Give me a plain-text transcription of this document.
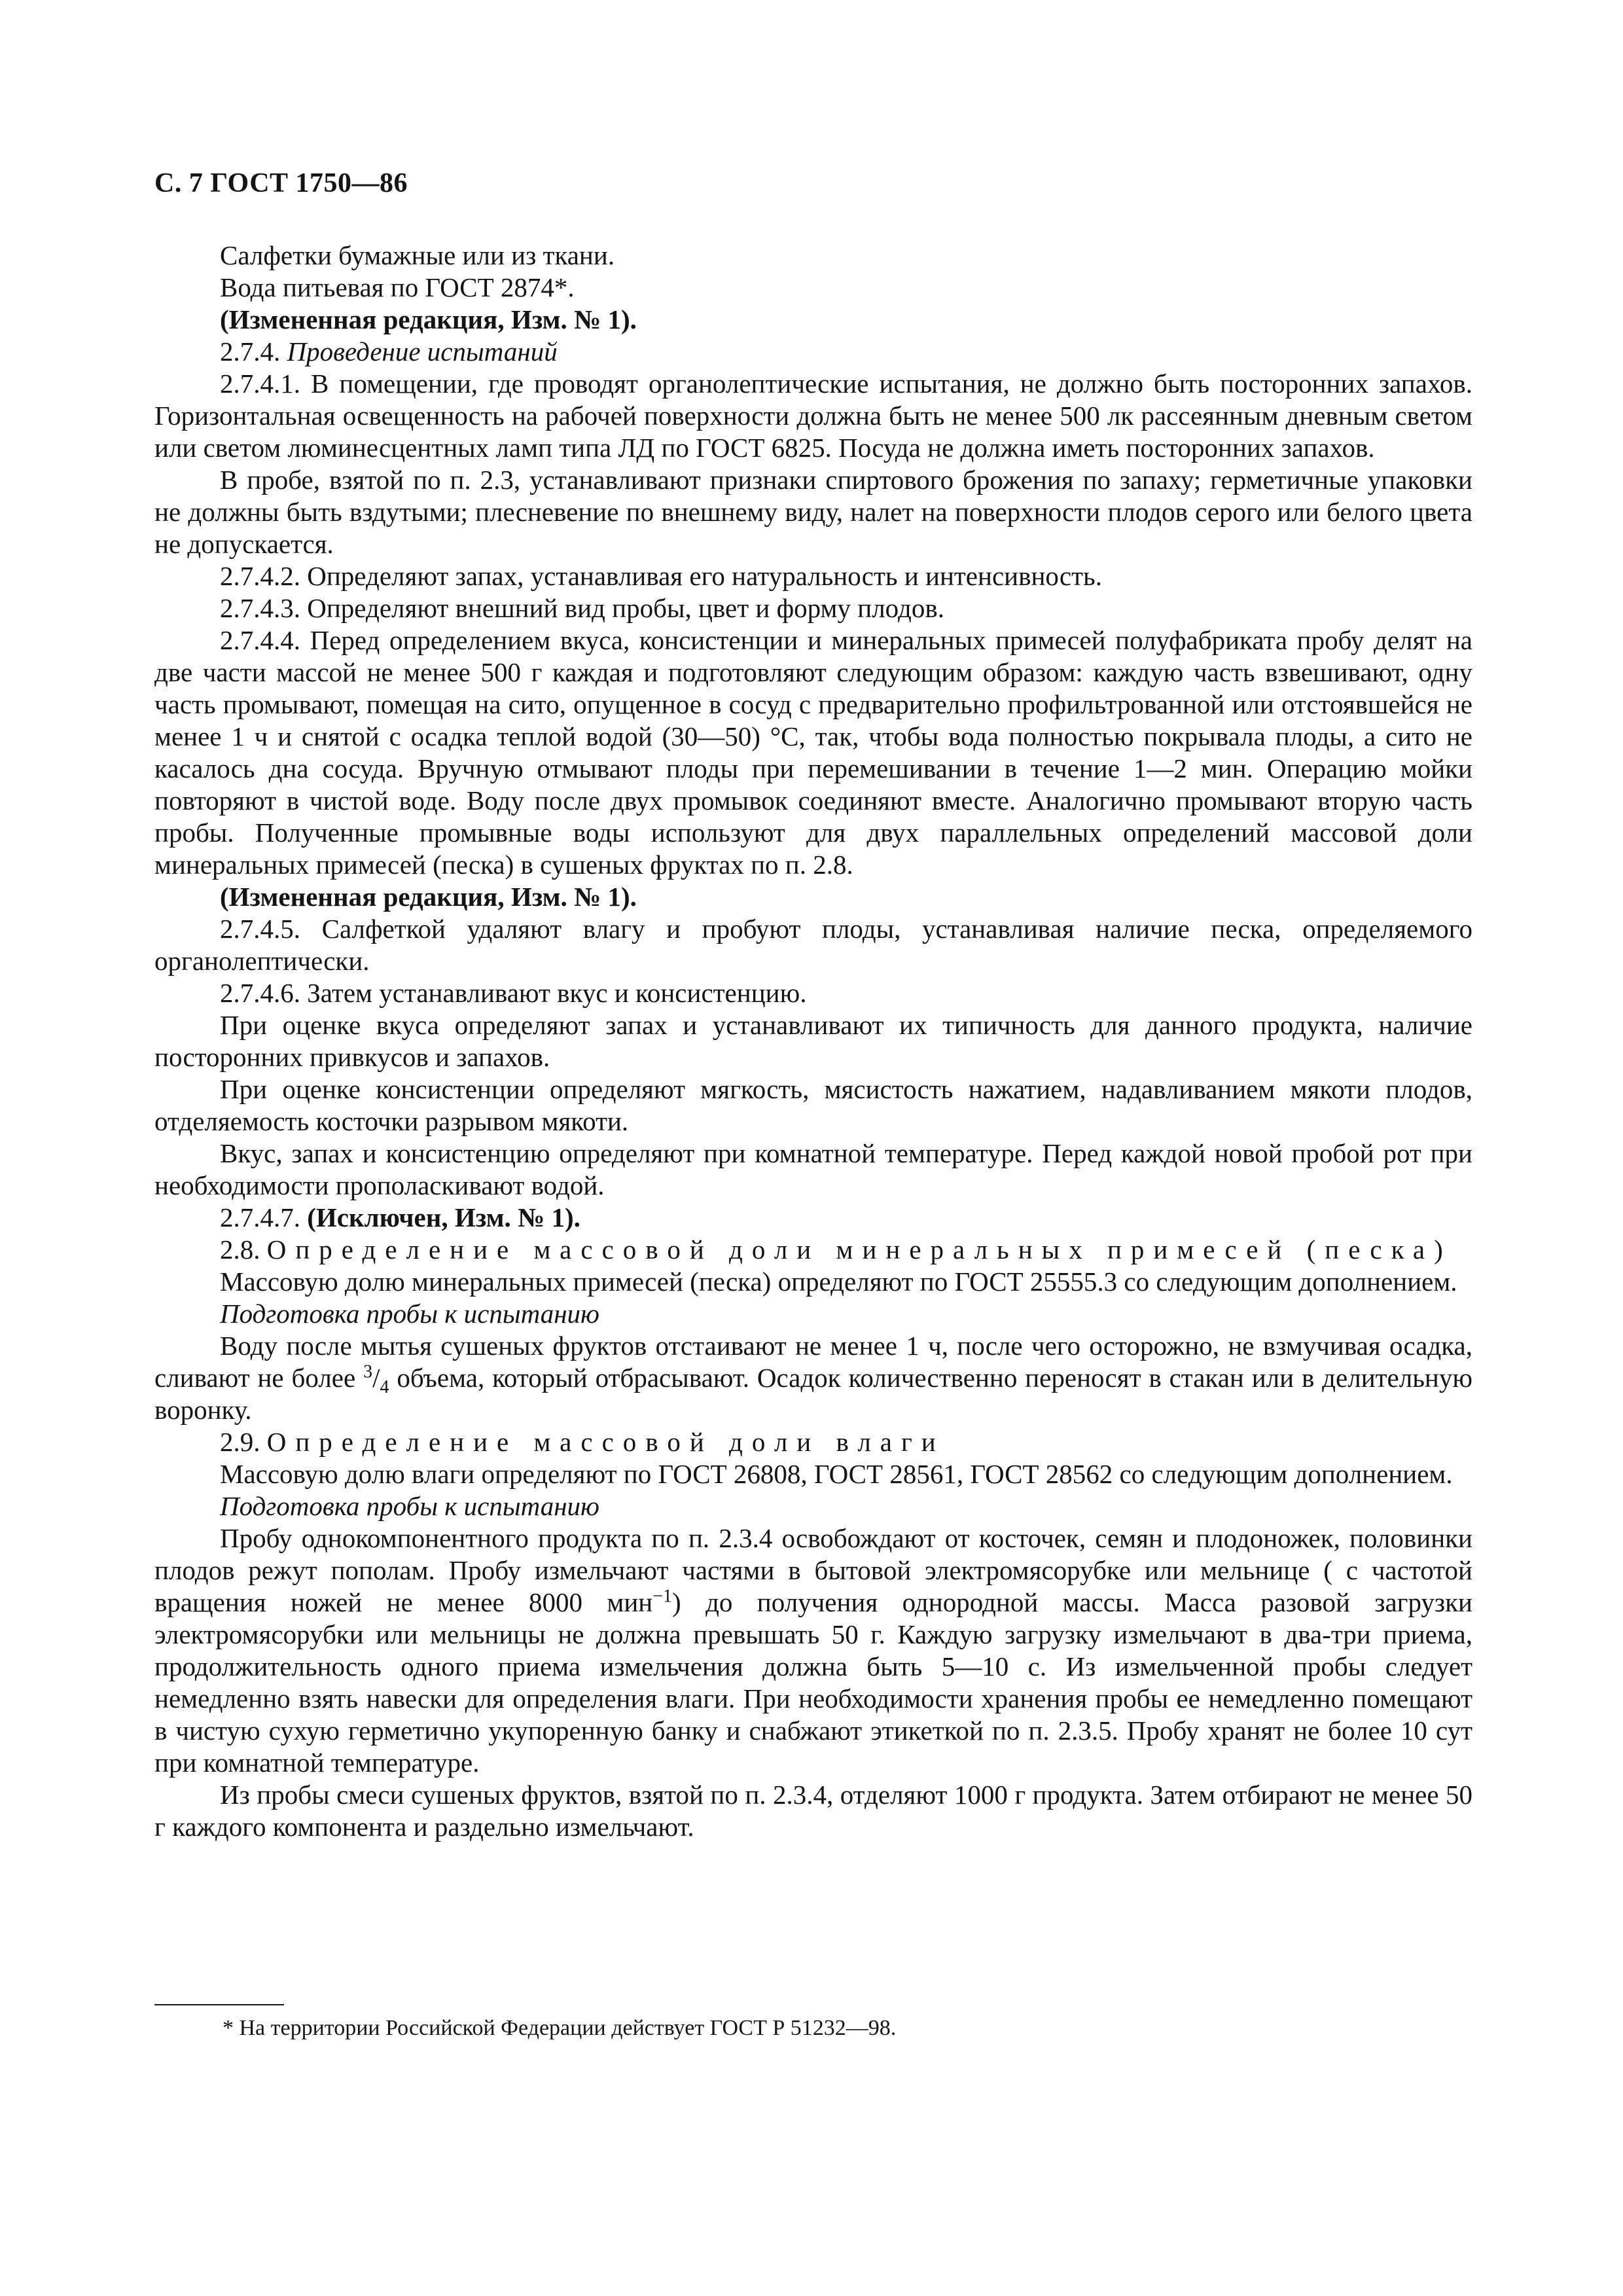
С. 7 ГОСТ 1750—86

Салфетки бумажные или из ткани.

Вода питьевая по ГОСТ 2874*.

(Измененная редакция, Изм. № 1).

2.7.4. Проведение испытаний

2.7.4.1. В помещении, где проводят органолептические испытания, не должно быть посторонних запахов. Горизонтальная освещенность на рабочей поверхности должна быть не менее 500 лк рассеянным дневным светом или светом люминесцентных ламп типа ЛД по ГОСТ 6825. Посуда не должна иметь посторонних запахов.

В пробе, взятой по п. 2.3, устанавливают признаки спиртового брожения по запаху; герметичные упаковки не должны быть вздутыми; плесневение по внешнему виду, налет на поверхности плодов серого или белого цвета не допускается.

2.7.4.2. Определяют запах, устанавливая его натуральность и интенсивность.

2.7.4.3. Определяют внешний вид пробы, цвет и форму плодов.

2.7.4.4. Перед определением вкуса, консистенции и минеральных примесей полуфабриката пробу делят на две части массой не менее 500 г каждая и подготовляют следующим образом: каждую часть взвешивают, одну часть промывают, помещая на сито, опущенное в сосуд с предварительно профильтрованной или отстоявшейся не менее 1 ч и снятой с осадка теплой водой (30—50) °С, так, чтобы вода полностью покрывала плоды, а сито не касалось дна сосуда. Вручную отмывают плоды при перемешивании в течение 1—2 мин. Операцию мойки повторяют в чистой воде. Воду после двух промывок соединяют вместе. Аналогично промывают вторую часть пробы. Полученные промывные воды используют для двух параллельных определений массовой доли минеральных примесей (песка) в сушеных фруктах по п. 2.8.

(Измененная редакция, Изм. № 1).

2.7.4.5. Салфеткой удаляют влагу и пробуют плоды, устанавливая наличие песка, определяемого органолептически.

2.7.4.6. Затем устанавливают вкус и консистенцию.

При оценке вкуса определяют запах и устанавливают их типичность для данного продукта, наличие посторонних привкусов и запахов.

При оценке консистенции определяют мягкость, мясистость нажатием, надавливанием мякоти плодов, отделяемость косточки разрывом мякоти.

Вкус, запах и консистенцию определяют при комнатной температуре. Перед каждой новой пробой рот при необходимости прополаскивают водой.

2.7.4.7. (Исключен, Изм. № 1).

2.8. Определение массовой доли минеральных примесей (песка)

Массовую долю минеральных примесей (песка) определяют по ГОСТ 25555.3 со следующим дополнением.

Подготовка пробы к испытанию

Воду после мытья сушеных фруктов отстаивают не менее 1 ч, после чего осторожно, не взмучивая осадка, сливают не более $^3/_4$ объема, который отбрасывают. Осадок количественно переносят в стакан или в делительную воронку.

2.9. Определение массовой доли влаги

Массовую долю влаги определяют по ГОСТ 26808, ГОСТ 28561, ГОСТ 28562 со следующим дополнением.

Подготовка пробы к испытанию

Пробу однокомпонентного продукта по п. 2.3.4 освобождают от косточек, семян и плодоножек, половинки плодов режут пополам. Пробу измельчают частями в бытовой электромясорубке или мельнице ( с частотой вращения ножей не менее 8000 мин$^{-1}$) до получения однородной массы. Масса разовой загрузки электромясорубки или мельницы не должна превышать 50 г. Каждую загрузку измельчают в два-три приема, продолжительность одного приема измельчения должна быть 5—10 с. Из измельченной пробы следует немедленно взять навески для определения влаги. При необходимости хранения пробы ее немедленно помещают в чистую сухую герметично укупоренную банку и снабжают этикеткой по п. 2.3.5. Пробу хранят не более 10 сут при комнатной температуре.

Из пробы смеси сушеных фруктов, взятой по п. 2.3.4, отделяют 1000 г продукта. Затем отбирают не менее 50 г каждого компонента и раздельно измельчают.

* На территории Российской Федерации действует ГОСТ Р 51232—98.
